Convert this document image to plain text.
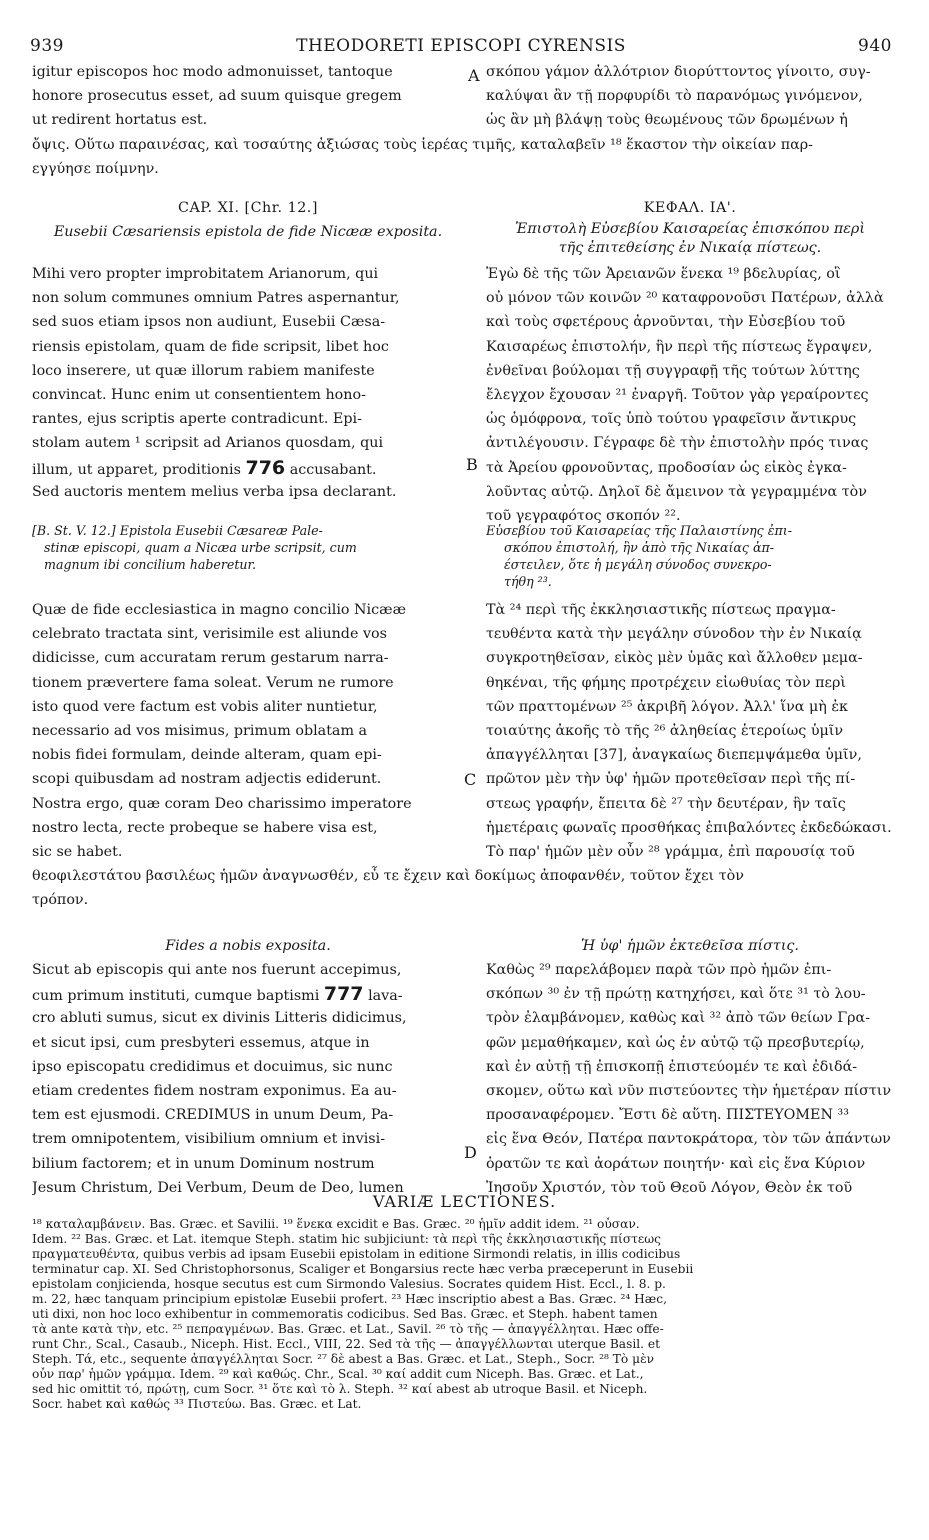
939	THEODORETI EPISCOPI CYRENSIS	940
A
B
C
D
igitur episcopos hoc modo admonuisset, tantoque
honore prosecutus esset, ad suum quisque gregem
ut redirent hortatus est.
σκόπου γάμον ἀλλότριον διορύττοντος γίνοιτο, συγ-
καλύψαι ἂν τῇ πορφυρίδι τὸ παρανόμως γινόμενον,
ὡς ἂν μὴ βλάψῃ τοὺς θεωμένους τῶν δρωμένων ἡ
ὄψις. Οὕτω παραινέσας, καὶ τοσαύτης ἀξιώσας τοὺς ἱερέας τιμῆς, καταλαβεῖν ¹⁸ ἕκαστον τὴν οἰκείαν παρ-
εγγύησε ποίμνην.
CAP. XI. [Chr. 12.]	ΚΕΦΑΛ. ΙΑ'.
Eusebii Cæsariensis epistola de fide Nicææ exposita.	Ἐπιστολὴ Εὐσεβίου Καισαρείας ἐπισκόπου περὶ
τῆς ἐπιτεθείσης ἐν Νικαίᾳ πίστεως.
Mihi vero propter improbitatem Arianorum, qui
non solum communes omnium Patres aspernantur,
sed suos etiam ipsos non audiunt, Eusebii Cæsa-
riensis epistolam, quam de fide scripsit, libet hoc
loco inserere, ut quæ illorum rabiem manifeste
convincat. Hunc enim ut consentientem hono-
rantes, ejus scriptis aperte contradicunt. Epi-
stolam autem ¹ scripsit ad Arianos quosdam, qui
illum, ut apparet, proditionis 776 accusabant.
Sed auctoris mentem melius verba ipsa declarant.
Ἐγὼ δὲ τῆς τῶν Ἀρειανῶν ἕνεκα ¹⁹ βδελυρίας, οἳ
οὐ μόνον τῶν κοινῶν ²⁰ καταφρονοῦσι Πατέρων, ἀλλὰ
καὶ τοὺς σφετέρους ἀρνοῦνται, τὴν Εὐσεβίου τοῦ
Καισαρέως ἐπιστολήν, ἣν περὶ τῆς πίστεως ἔγραψεν,
ἐνθεῖναι βούλομαι τῇ συγγραφῇ τῆς τούτων λύττης
ἔλεγχον ἔχουσαν ²¹ ἐναργῆ. Τοῦτον γὰρ γεραίροντες
ὡς ὁμόφρονα, τοῖς ὑπὸ τούτου γραφεῖσιν ἄντικρυς
ἀντιλέγουσιν. Γέγραφε δὲ τὴν ἐπιστολὴν πρός τινας
τὰ Ἀρείου φρονοῦντας, προδοσίαν ὡς εἰκὸς ἐγκα-
λοῦντας αὐτῷ. Δηλοῖ δὲ ἄμεινον τὰ γεγραμμένα τὸν
τοῦ γεγραφότος σκοπόν ²².
[B. St. V. 12.] Epistola Eusebii Cæsareæ Pale-
stinæ episcopi, quam a Nicæa urbe scripsit, cum
magnum ibi concilium haberetur.
Εὐσεβίου τοῦ Καισαρείας τῆς Παλαιστίνης ἐπι-
σκόπου ἐπιστολή, ἣν ἀπὸ τῆς Νικαίας ἀπ-
έστειλεν, ὅτε ἡ μεγάλη σύνοδος συνεκρο-
τήθη ²³.
Quæ de fide ecclesiastica in magno concilio Nicææ
celebrato tractata sint, verisimile est aliunde vos
didicisse, cum accuratam rerum gestarum narra-
tionem prævertere fama soleat. Verum ne rumore
isto quod vere factum est vobis aliter nuntietur,
necessario ad vos misimus, primum oblatam a
nobis fidei formulam, deinde alteram, quam epi-
scopi quibusdam ad nostram adjectis ediderunt.
Nostra ergo, quæ coram Deo charissimo imperatore
nostro lecta, recte probeque se habere visa est,
sic se habet.
Τὰ ²⁴ περὶ τῆς ἐκκλησιαστικῆς πίστεως πραγμα-
τευθέντα κατὰ τὴν μεγάλην σύνοδον τὴν ἐν Νικαίᾳ
συγκροτηθεῖσαν, εἰκὸς μὲν ὑμᾶς καὶ ἄλλοθεν μεμα-
θηκέναι, τῆς φήμης προτρέχειν εἰωθυίας τὸν περὶ
τῶν πραττομένων ²⁵ ἀκριβῆ λόγον. Ἀλλ' ἵνα μὴ ἐκ
τοιαύτης ἀκοῆς τὸ τῆς ²⁶ ἀληθείας ἑτεροίως ὑμῖν
ἀπαγγέλληται [37], ἀναγκαίως διεπεμψάμεθα ὑμῖν,
πρῶτον μὲν τὴν ὑφ' ἡμῶν προτεθεῖσαν περὶ τῆς πί-
στεως γραφήν, ἔπειτα δὲ ²⁷ τὴν δευτέραν, ἣν ταῖς
ἡμετέραις φωναῖς προσθήκας ἐπιβαλόντες ἐκδεδώκασι.
Τὸ παρ' ἡμῶν μὲν οὖν ²⁸ γράμμα, ἐπὶ παρουσίᾳ τοῦ
θεοφιλεστάτου βασιλέως ἡμῶν ἀναγνωσθέν, εὖ τε ἔχειν καὶ δοκίμως ἀποφανθέν, τοῦτον ἔχει τὸν
τρόπον.
Fides a nobis exposita.	Ἡ ὑφ' ἡμῶν ἐκτεθεῖσα πίστις.
Sicut ab episcopis qui ante nos fuerunt accepimus,
cum primum instituti, cumque baptismi 777 lava-
cro abluti sumus, sicut ex divinis Litteris didicimus,
et sicut ipsi, cum presbyteri essemus, atque in
ipso episcopatu credidimus et docuimus, sic nunc
etiam credentes fidem nostram exponimus. Ea au-
tem est ejusmodi. CREDIMUS in unum Deum, Pa-
trem omnipotentem, visibilium omnium et invisi-
bilium factorem; et in unum Dominum nostrum
Jesum Christum, Dei Verbum, Deum de Deo, lumen
Καθὼς ²⁹ παρελάβομεν παρὰ τῶν πρὸ ἡμῶν ἐπι-
σκόπων ³⁰ ἐν τῇ πρώτῃ κατηχήσει, καὶ ὅτε ³¹ τὸ λου-
τρὸν ἐλαμβάνομεν, καθὼς καὶ ³² ἀπὸ τῶν θείων Γρα-
φῶν μεμαθήκαμεν, καὶ ὡς ἐν αὐτῷ τῷ πρεσβυτερίῳ,
καὶ ἐν αὐτῇ τῇ ἐπισκοπῇ ἐπιστεύομέν τε καὶ ἐδιδά-
σκομεν, οὕτω καὶ νῦν πιστεύοντες τὴν ἡμετέραν πίστιν
προσαναφέρομεν. Ἔστι δὲ αὕτη. ΠΙΣΤΕΥΟΜΕΝ ³³
εἰς ἕνα Θεόν, Πατέρα παντοκράτορα, τὸν τῶν ἁπάντων
ὁρατῶν τε καὶ ἀοράτων ποιητήν· καὶ εἰς ἕνα Κύριον
Ἰησοῦν Χριστόν, τὸν τοῦ Θεοῦ Λόγον, Θεὸν ἐκ τοῦ
VARIÆ LECTIONES.
¹⁸ καταλαμβάνειν. Bas. Græc. et Savilii. ¹⁹ ἕνεκα excidit e Bas. Græc. ²⁰ ἡμῖν addit idem. ²¹ οὖσαν.
Idem. ²² Bas. Græc. et Lat. itemque Steph. statim hic subjiciunt: τὰ περὶ τῆς ἐκκλησιαστικῆς πίστεως
πραγματευθέντα, quibus verbis ad ipsam Eusebii epistolam in editione Sirmondi relatis, in illis codicibus
terminatur cap. XI. Sed Christophorsonus, Scaliger et Bongarsius recte hæc verba præceperunt in Eusebii
epistolam conjicienda, hosque secutus est cum Sirmondo Valesius. Socrates quidem Hist. Eccl., l. 8. p.
m. 22, hæc tanquam principium epistolæ Eusebii profert. ²³ Hæc inscriptio abest a Bas. Græc. ²⁴ Hæc,
uti dixi, non hoc loco exhibentur in commemoratis codicibus. Sed Bas. Græc. et Steph. habent tamen
τὰ ante κατὰ τὴν, etc. ²⁵ πεπραγμένων. Bas. Græc. et Lat., Savil. ²⁶ τὸ τῆς — ἀπαγγέλληται. Hæc offe-
runt Chr., Scal., Casaub., Niceph. Hist. Eccl., VIII, 22. Sed τὰ τῆς — ἀπαγγέλλωνται uterque Basil. et
Steph. Τά, etc., sequente ἀπαγγέλληται Socr. ²⁷ δὲ abest a Bas. Græc. et Lat., Steph., Socr. ²⁸ Τὸ μὲν
οὖν παρ' ἡμῶν γράμμα. Idem. ²⁹ καὶ καθώς. Chr., Scal. ³⁰ καί addit cum Niceph. Bas. Græc. et Lat.,
sed hic omittit τό, πρώτῃ, cum Socr. ³¹ ὅτε καὶ τὸ λ. Steph. ³² καί abest ab utroque Basil. et Niceph.
Socr. habet καὶ καθώς ³³ Πιστεύω. Bas. Græc. et Lat.
